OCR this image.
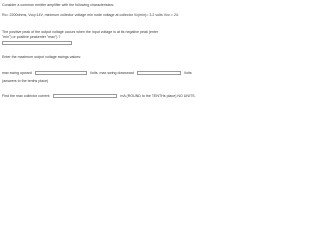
Consider a common emitter amplifier with the following characteristics:
Rc= 2200ohms, Vcq=14V, minimum collector voltage min node voltage at collector Vc(min)= 3.2 volts Vcc = 24.
The positive peak of the output voltage occurs when the input voltage is at its negative peak (enter
"min") or positive peakenter "max") ?
Enter the maximum output voltage swings values:
max swing upward	Volts, max swing downward	Volts
(answers to the tenths place)
Find the max collector current:	mA (ROUND to the TENTHs place) NO UNITS.
